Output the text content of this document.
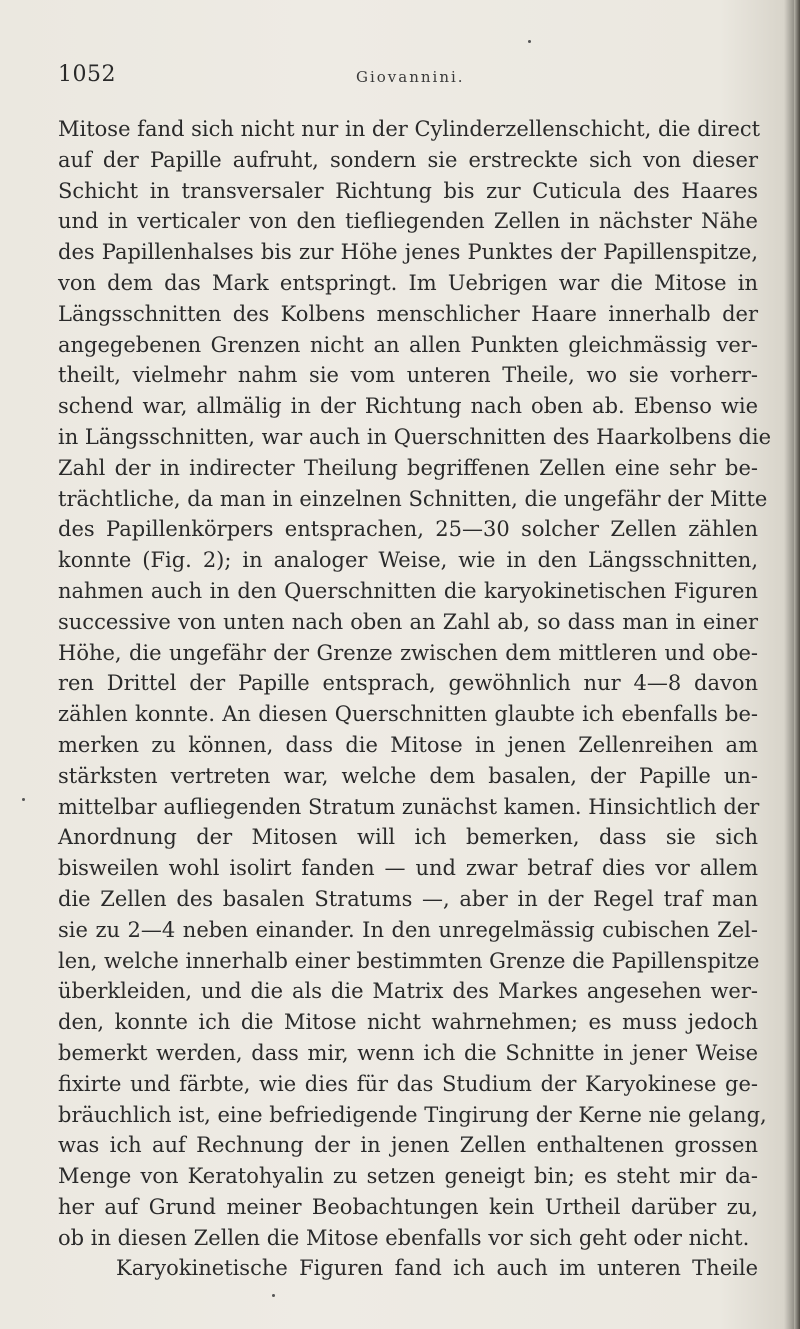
1052	Giovannini.
Mitose fand sich nicht nur in der Cylinderzellenschicht, die direct
auf der Papille aufruht, sondern sie erstreckte sich von dieser
Schicht in transversaler Richtung bis zur Cuticula des Haares
und in verticaler von den tiefliegenden Zellen in nächster Nähe
des Papillenhalses bis zur Höhe jenes Punktes der Papillenspitze,
von dem das Mark entspringt. Im Uebrigen war die Mitose in
Längsschnitten des Kolbens menschlicher Haare innerhalb der
angegebenen Grenzen nicht an allen Punkten gleichmässig ver-
theilt, vielmehr nahm sie vom unteren Theile, wo sie vorherr-
schend war, allmälig in der Richtung nach oben ab. Ebenso wie
in Längsschnitten, war auch in Querschnitten des Haarkolbens die
Zahl der in indirecter Theilung begriffenen Zellen eine sehr be-
trächtliche, da man in einzelnen Schnitten, die ungefähr der Mitte
des Papillenkörpers entsprachen, 25—30 solcher Zellen zählen
konnte (Fig. 2); in analoger Weise, wie in den Längsschnitten,
nahmen auch in den Querschnitten die karyokinetischen Figuren
successive von unten nach oben an Zahl ab, so dass man in einer
Höhe, die ungefähr der Grenze zwischen dem mittleren und obe-
ren Drittel der Papille entsprach, gewöhnlich nur 4—8 davon
zählen konnte. An diesen Querschnitten glaubte ich ebenfalls be-
merken zu können, dass die Mitose in jenen Zellenreihen am
stärksten vertreten war, welche dem basalen, der Papille un-
mittelbar aufliegenden Stratum zunächst kamen. Hinsichtlich der
Anordnung der Mitosen will ich bemerken, dass sie sich
bisweilen wohl isolirt fanden — und zwar betraf dies vor allem
die Zellen des basalen Stratums —, aber in der Regel traf man
sie zu 2—4 neben einander. In den unregelmässig cubischen Zel-
len, welche innerhalb einer bestimmten Grenze die Papillenspitze
überkleiden, und die als die Matrix des Markes angesehen wer-
den, konnte ich die Mitose nicht wahrnehmen; es muss jedoch
bemerkt werden, dass mir, wenn ich die Schnitte in jener Weise
fixirte und färbte, wie dies für das Studium der Karyokinese ge-
bräuchlich ist, eine befriedigende Tingirung der Kerne nie gelang,
was ich auf Rechnung der in jenen Zellen enthaltenen grossen
Menge von Keratohyalin zu setzen geneigt bin; es steht mir da-
her auf Grund meiner Beobachtungen kein Urtheil darüber zu,
ob in diesen Zellen die Mitose ebenfalls vor sich geht oder nicht.
Karyokinetische Figuren fand ich auch im unteren Theile
